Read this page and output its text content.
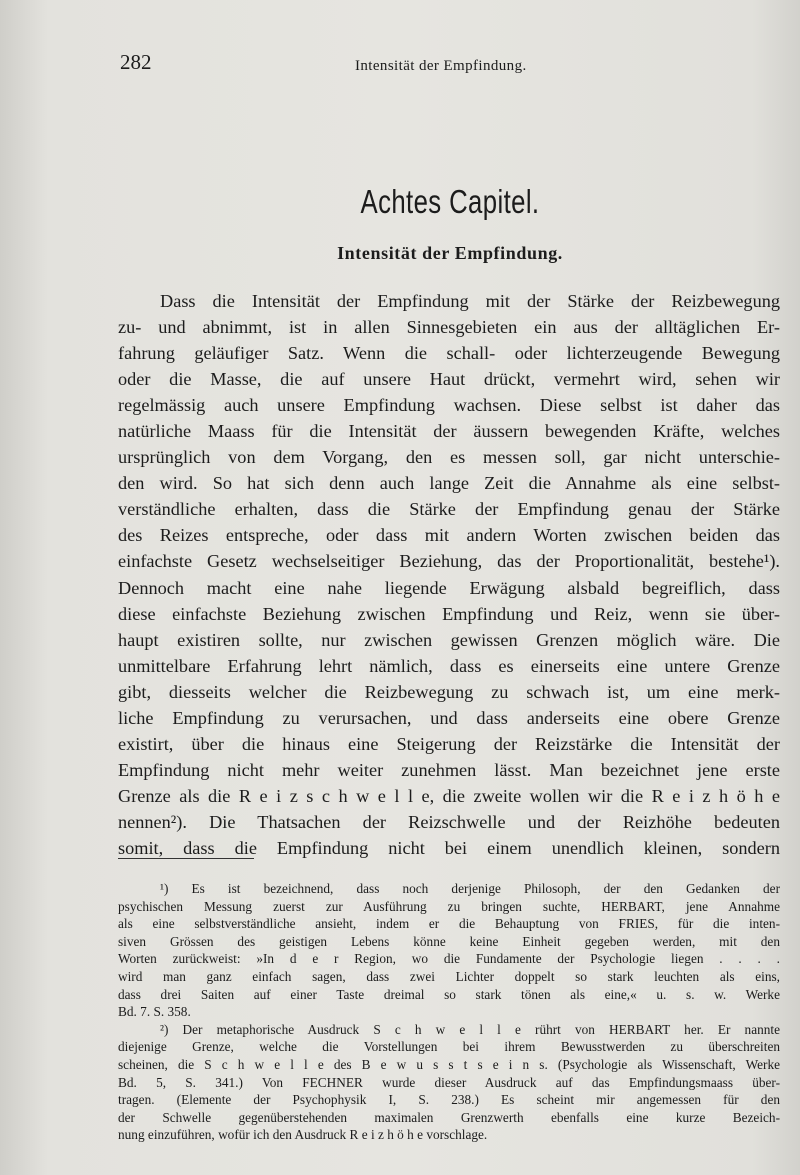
282	Intensität der Empfindung.
Achtes Capitel.
Intensität der Empfindung.
Dass die Intensität der Empfindung mit der Stärke der Reizbewegung
zu- und abnimmt, ist in allen Sinnesgebieten ein aus der alltäglichen Er-
fahrung geläufiger Satz. Wenn die schall- oder lichterzeugende Bewegung
oder die Masse, die auf unsere Haut drückt, vermehrt wird, sehen wir
regelmässig auch unsere Empfindung wachsen. Diese selbst ist daher das
natürliche Maass für die Intensität der äussern bewegenden Kräfte, welches
ursprünglich von dem Vorgang, den es messen soll, gar nicht unterschie-
den wird. So hat sich denn auch lange Zeit die Annahme als eine selbst-
verständliche erhalten, dass die Stärke der Empfindung genau der Stärke
des Reizes entspreche, oder dass mit andern Worten zwischen beiden das
einfachste Gesetz wechselseitiger Beziehung, das der Proportionalität, bestehe¹).
Dennoch macht eine nahe liegende Erwägung alsbald begreiflich, dass
diese einfachste Beziehung zwischen Empfindung und Reiz, wenn sie über-
haupt existiren sollte, nur zwischen gewissen Grenzen möglich wäre. Die
unmittelbare Erfahrung lehrt nämlich, dass es einerseits eine untere Grenze
gibt, diesseits welcher die Reizbewegung zu schwach ist, um eine merk-
liche Empfindung zu verursachen, und dass anderseits eine obere Grenze
existirt, über die hinaus eine Steigerung der Reizstärke die Intensität der
Empfindung nicht mehr weiter zunehmen lässt. Man bezeichnet jene erste
Grenze als die R e i z s c h w e l l e, die zweite wollen wir die R e i z h ö h e
nennen²). Die Thatsachen der Reizschwelle und der Reizhöhe bedeuten
somit, dass die Empfindung nicht bei einem unendlich kleinen, sondern
¹) Es ist bezeichnend, dass noch derjenige Philosoph, der den Gedanken der
psychischen Messung zuerst zur Ausführung zu bringen suchte, HERBART, jene Annahme
als eine selbstverständliche ansieht, indem er die Behauptung von FRIES, für die inten-
siven Grössen des geistigen Lebens könne keine Einheit gegeben werden, mit den
Worten zurückweist: »In d e r Region, wo die Fundamente der Psychologie liegen . . . .
wird man ganz einfach sagen, dass zwei Lichter doppelt so stark leuchten als eins,
dass drei Saiten auf einer Taste dreimal so stark tönen als eine,« u. s. w. Werke
Bd. 7. S. 358.
²) Der metaphorische Ausdruck S c h w e l l e rührt von HERBART her. Er nannte
diejenige Grenze, welche die Vorstellungen bei ihrem Bewusstwerden zu überschreiten
scheinen, die S c h w e l l e des B e w u s s t s e i n s. (Psychologie als Wissenschaft, Werke
Bd. 5, S. 341.) Von FECHNER wurde dieser Ausdruck auf das Empfindungsmaass über-
tragen. (Elemente der Psychophysik I, S. 238.) Es scheint mir angemessen für den
der Schwelle gegenüberstehenden maximalen Grenzwerth ebenfalls eine kurze Bezeich-
nung einzuführen, wofür ich den Ausdruck R e i z h ö h e vorschlage.
